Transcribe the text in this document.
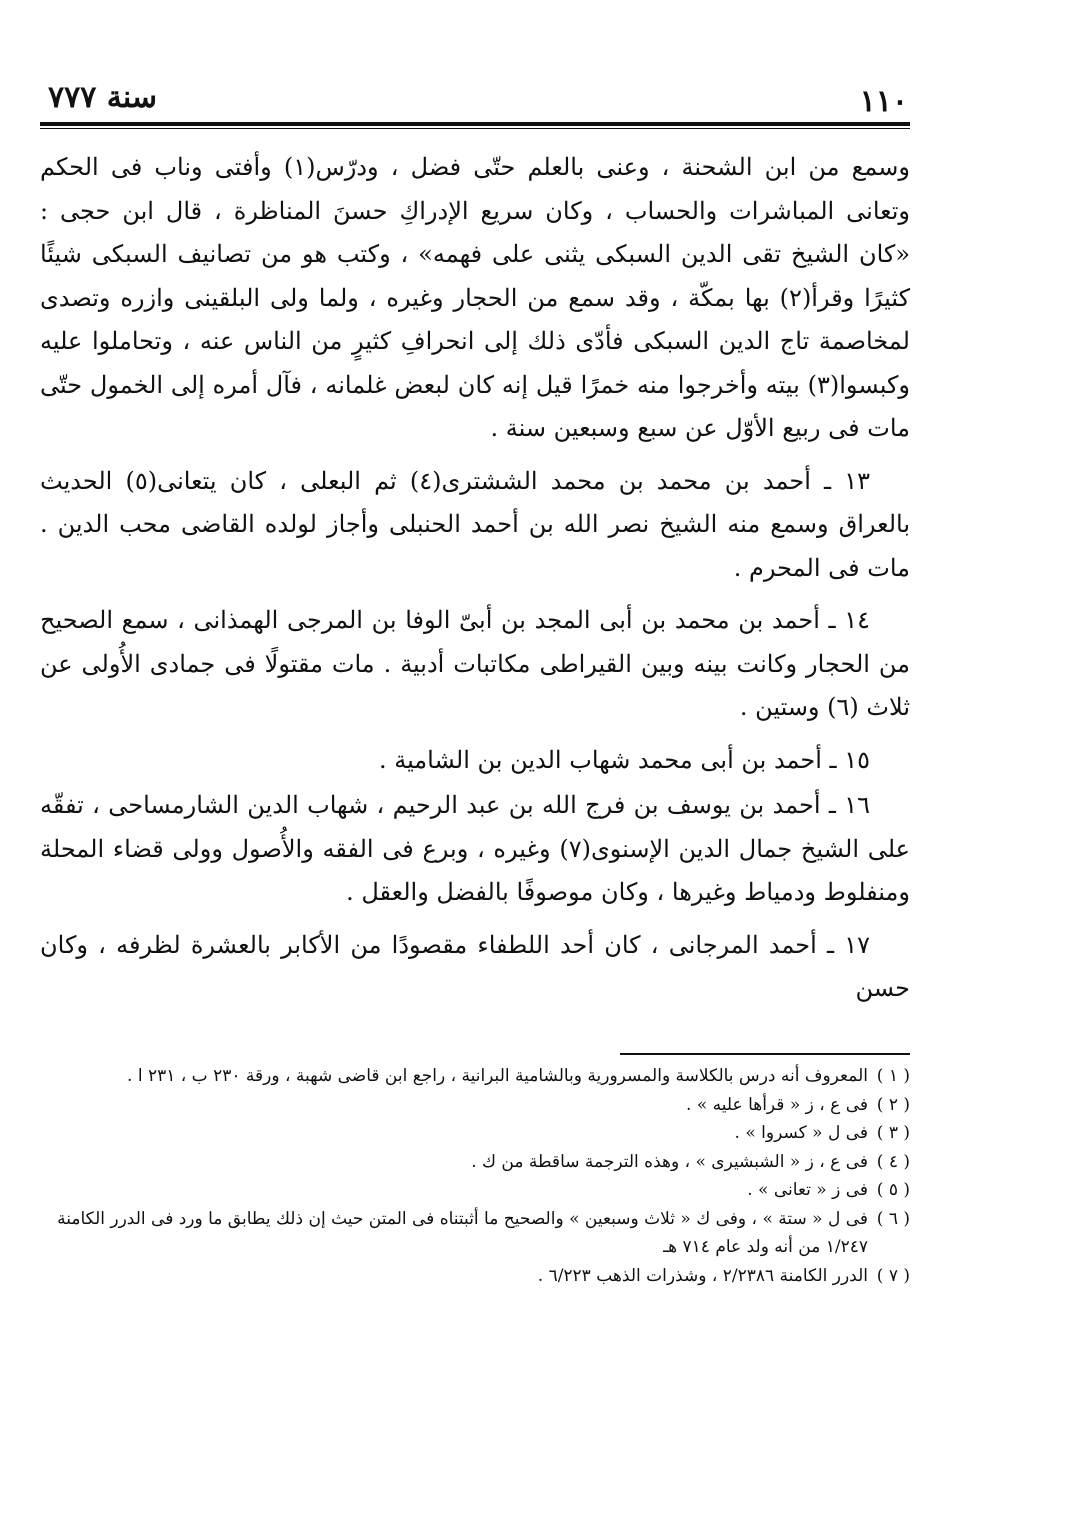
١١٠
سنة ٧٧٧

وسمع من ابن الشحنة ، وعنى بالعلم حتّى فضل ، ودرّس(١) وأفتى وناب فى الحكم وتعانى المباشرات والحساب ، وكان سريع الإدراكِ حسنَ المناظرة ، قال ابن حجى : «كان الشيخ تقى الدين السبكى يثنى على فهمه» ، وكتب هو من تصانيف السبكى شيئًا كثيرًا وقرأ(٢) بها بمكّة ، وقد سمع من الحجار وغيره ، ولما ولى البلقينى وازره وتصدى لمخاصمة تاج الدين السبكى فأدّى ذلك إلى انحرافِ كثيرٍ من الناس عنه ، وتحاملوا عليه وكبسوا(٣) بيته وأخرجوا منه خمرًا قيل إنه كان لبعض غلمانه ، فآل أمره إلى الخمول حتّى مات فى ربيع الأوّل عن سبع وسبعين سنة .

١٣ ـ أحمد بن محمد بن محمد الششترى(٤) ثم البعلى ، كان يتعانى(٥) الحديث بالعراق وسمع منه الشيخ نصر الله بن أحمد الحنبلى وأجاز لولده القاضى محب الدين . مات فى المحرم .

١٤ ـ أحمد بن محمد بن أبى المجد بن أبىّ الوفا بن المرجى الهمذانى ، سمع الصحيح من الحجار وكانت بينه وبين القيراطى مكاتبات أدبية . مات مقتولًا فى جمادى الأُولى عن ثلاث (٦) وستين .

١٥ ـ أحمد بن أبى محمد شهاب الدين بن الشامية .

١٦ ـ أحمد بن يوسف بن فرج الله بن عبد الرحيم ، شهاب الدين الشارمساحى ، تفقّه على الشيخ جمال الدين الإسنوى(٧) وغيره ، وبرع فى الفقه والأُصول وولى قضاء المحلة ومنفلوط ودمياط وغيرها ، وكان موصوفًا بالفضل والعقل .

١٧ ـ أحمد المرجانى ، كان أحد اللطفاء مقصودًا من الأكابر بالعشرة لظرفه ، وكان حسن

( ١ )
المعروف أنه درس بالكلاسة والمسرورية وبالشامية البرانية ، راجع ابن قاضى شهبة ، ورقة ٢٣٠ ب ، ٢٣١ ا .
( ٢ )
فى ع ، ز « قرأها عليه » .
( ٣ )
فى ل « كسروا » .
( ٤ )
فى ع ، ز « الشبشيرى » ، وهذه الترجمة ساقطة من ك .
( ٥ )
فى ز « تعانى » .
( ٦ )
فى ل « ستة » ، وفى ك « ثلاث وسبعين » والصحيح ما أثبتناه فى المتن حيث إن ذلك يطابق ما ورد فى الدرر الكامنة ١/٢٤٧ من أنه ولد عام ٧١٤ هـ
( ٧ )
الدرر الكامنة ٢/٢٣٨٦ ، وشذرات الذهب ٦/٢٢٣ .
